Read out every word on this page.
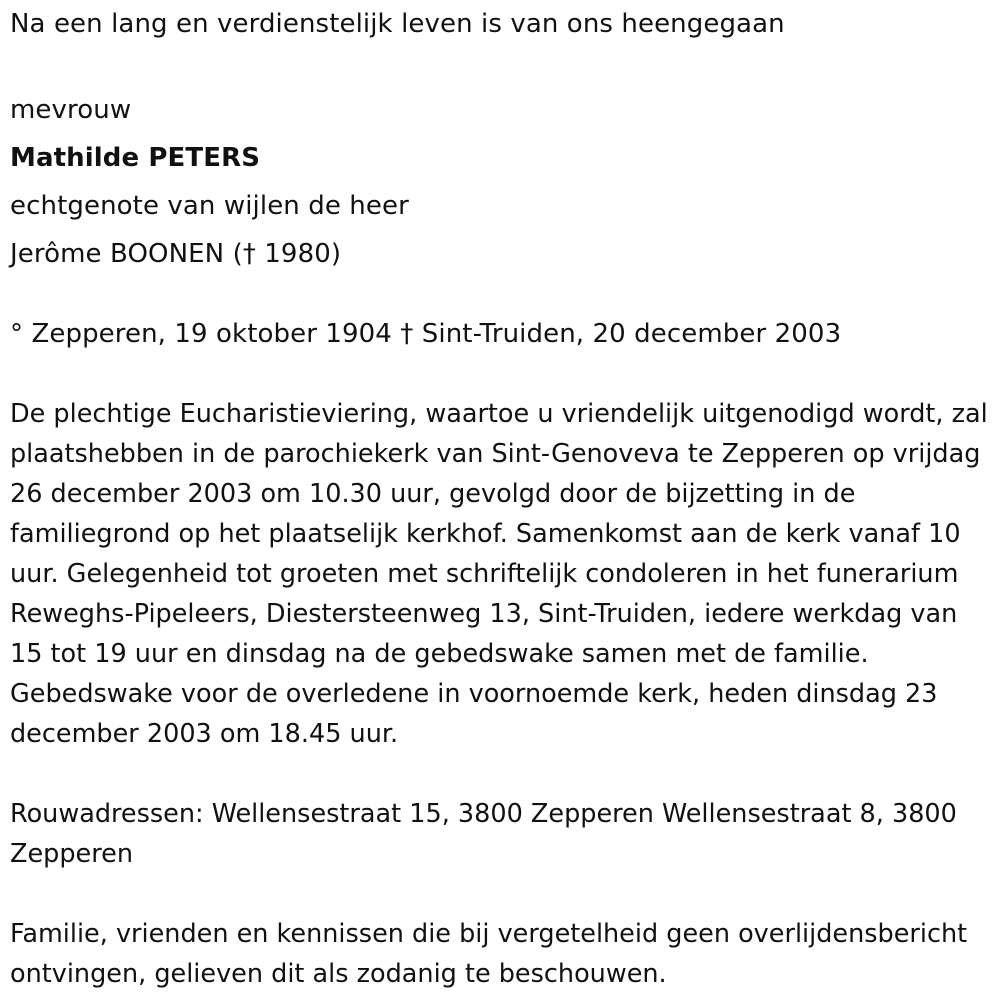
Na een lang en verdienstelijk leven is van ons heengegaan
mevrouw
Mathilde PETERS
echtgenote van wijlen de heer
Jerôme BOONEN († 1980)
° Zepperen, 19 oktober 1904 † Sint-Truiden, 20 december 2003

De plechtige Eucharistieviering, waartoe u vriendelijk uitgenodigd wordt, zal plaatshebben in de parochiekerk van Sint-Genoveva te Zepperen op vrijdag 26 december 2003 om 10.30 uur, gevolgd door de bijzetting in de familiegrond op het plaatselijk kerkhof. Samenkomst aan de kerk vanaf 10 uur. Gelegenheid tot groeten met schriftelijk condoleren in het funerarium Reweghs-Pipeleers, Diestersteenweg 13, Sint-Truiden, iedere werkdag van 15 tot 19 uur en dinsdag na de gebedswake samen met de familie. Gebedswake voor de overledene in voornoemde kerk, heden dinsdag 23 december 2003 om 18.45 uur.

Rouwadressen: Wellensestraat 15, 3800 Zepperen Wellensestraat 8, 3800 Zepperen

Familie, vrienden en kennissen die bij vergetelheid geen overlijdensbericht ontvingen, gelieven dit als zodanig te beschouwen.
